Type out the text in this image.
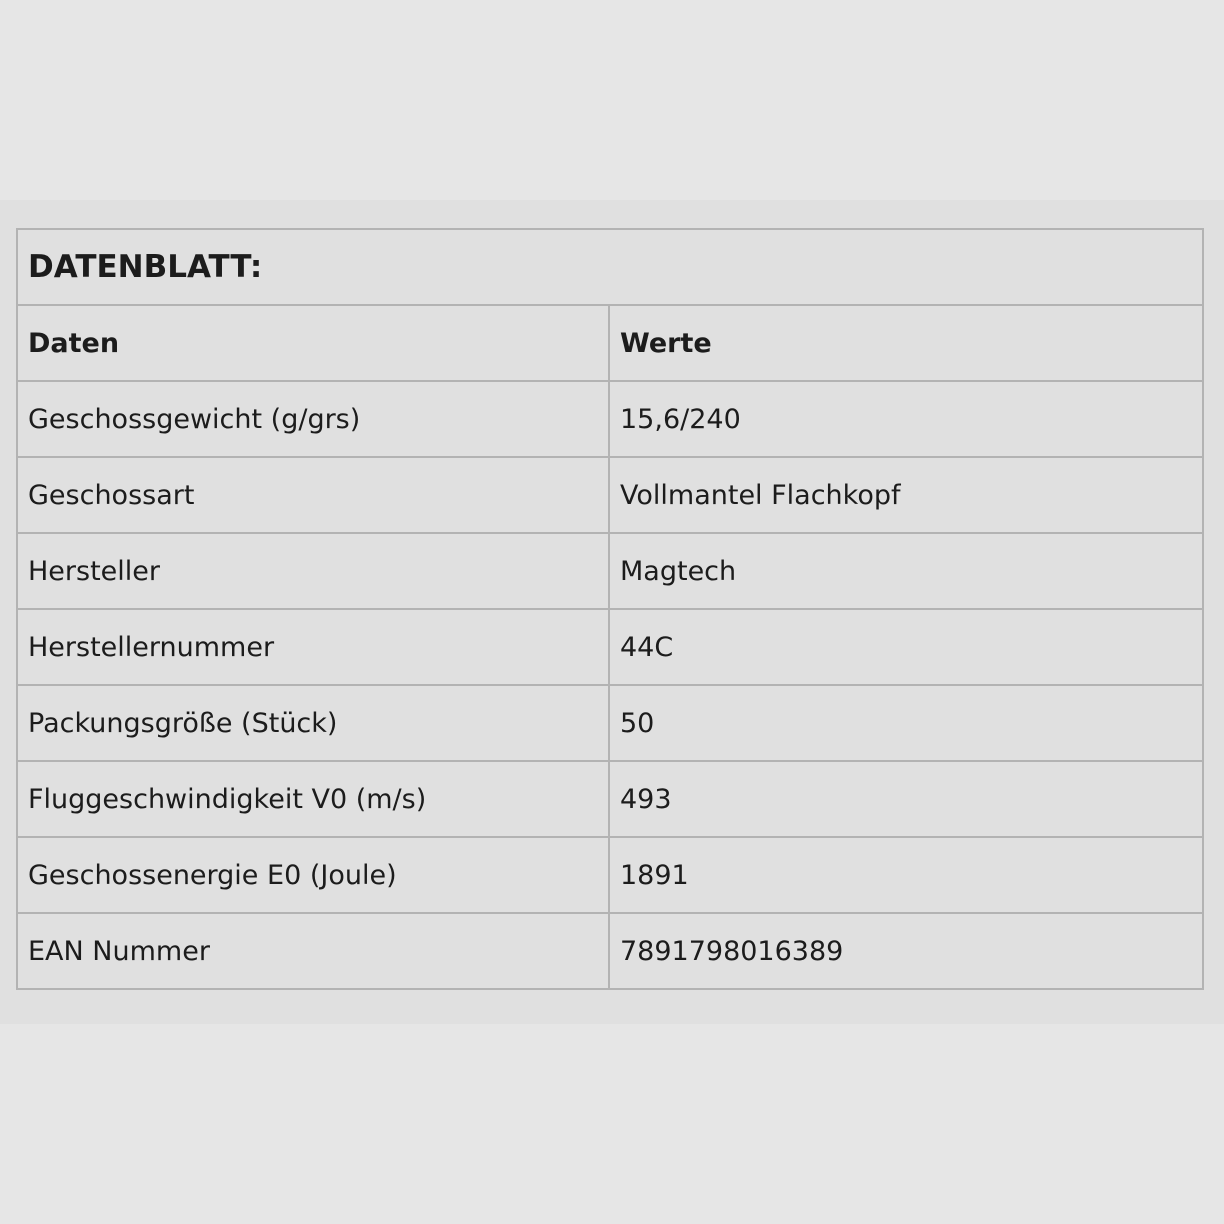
DATENBLATT:	
Daten	Werte
Geschossgewicht (g/grs)	15,6/240
Geschossart	Vollmantel Flachkopf
Hersteller	Magtech
Herstellernummer	44C
Packungsgröße (Stück)	50
Fluggeschwindigkeit V0 (m/s)	493
Geschossenergie E0 (Joule)	1891
EAN Nummer	7891798016389
